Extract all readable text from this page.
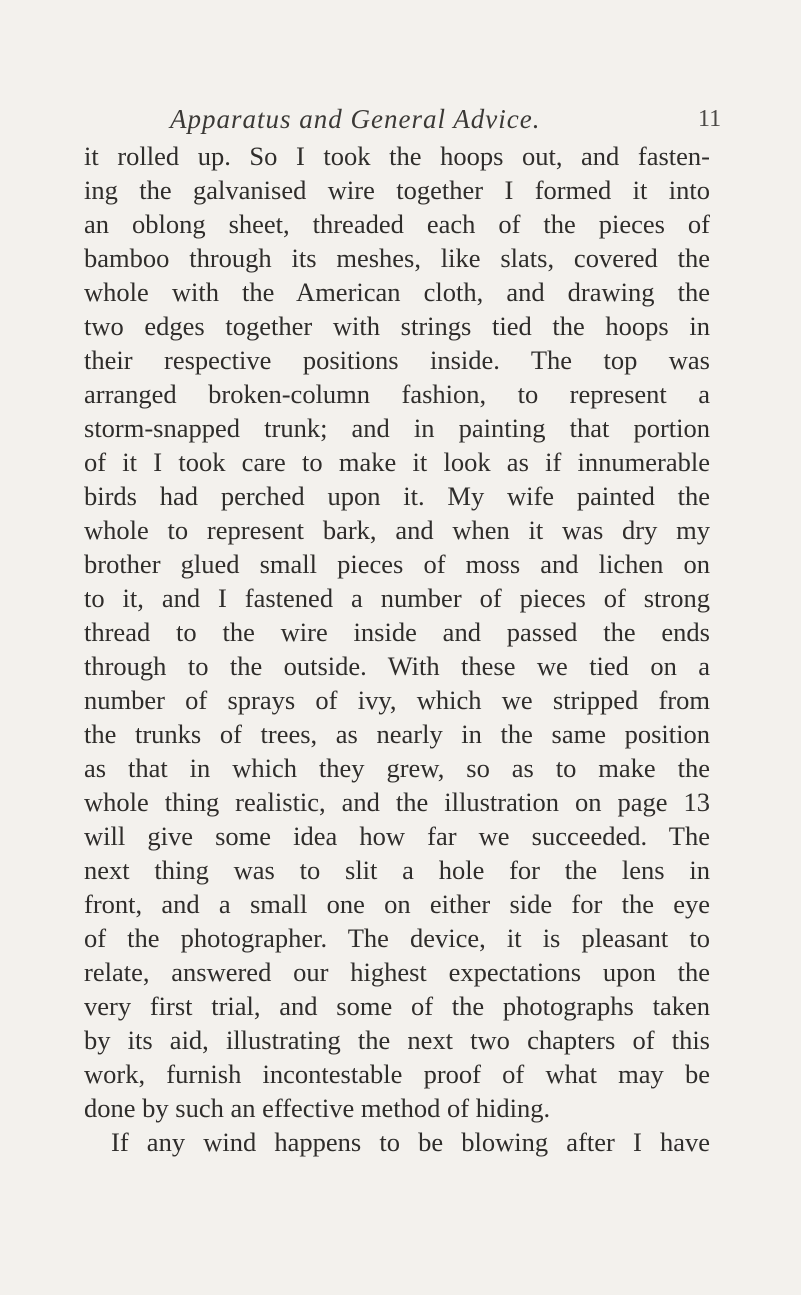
Apparatus and General Advice.	11
it rolled up. So I took the hoops out, and fasten-
ing the galvanised wire together I formed it into
an oblong sheet, threaded each of the pieces of
bamboo through its meshes, like slats, covered the
whole with the American cloth, and drawing the
two edges together with strings tied the hoops in
their respective positions inside. The top was
arranged broken-column fashion, to represent a
storm-snapped trunk; and in painting that portion
of it I took care to make it look as if innumerable
birds had perched upon it. My wife painted the
whole to represent bark, and when it was dry my
brother glued small pieces of moss and lichen on
to it, and I fastened a number of pieces of strong
thread to the wire inside and passed the ends
through to the outside. With these we tied on a
number of sprays of ivy, which we stripped from
the trunks of trees, as nearly in the same position
as that in which they grew, so as to make the
whole thing realistic, and the illustration on page 13
will give some idea how far we succeeded. The
next thing was to slit a hole for the lens in
front, and a small one on either side for the eye
of the photographer. The device, it is pleasant to
relate, answered our highest expectations upon the
very first trial, and some of the photographs taken
by its aid, illustrating the next two chapters of this
work, furnish incontestable proof of what may be
done by such an effective method of hiding.
If any wind happens to be blowing after I have
